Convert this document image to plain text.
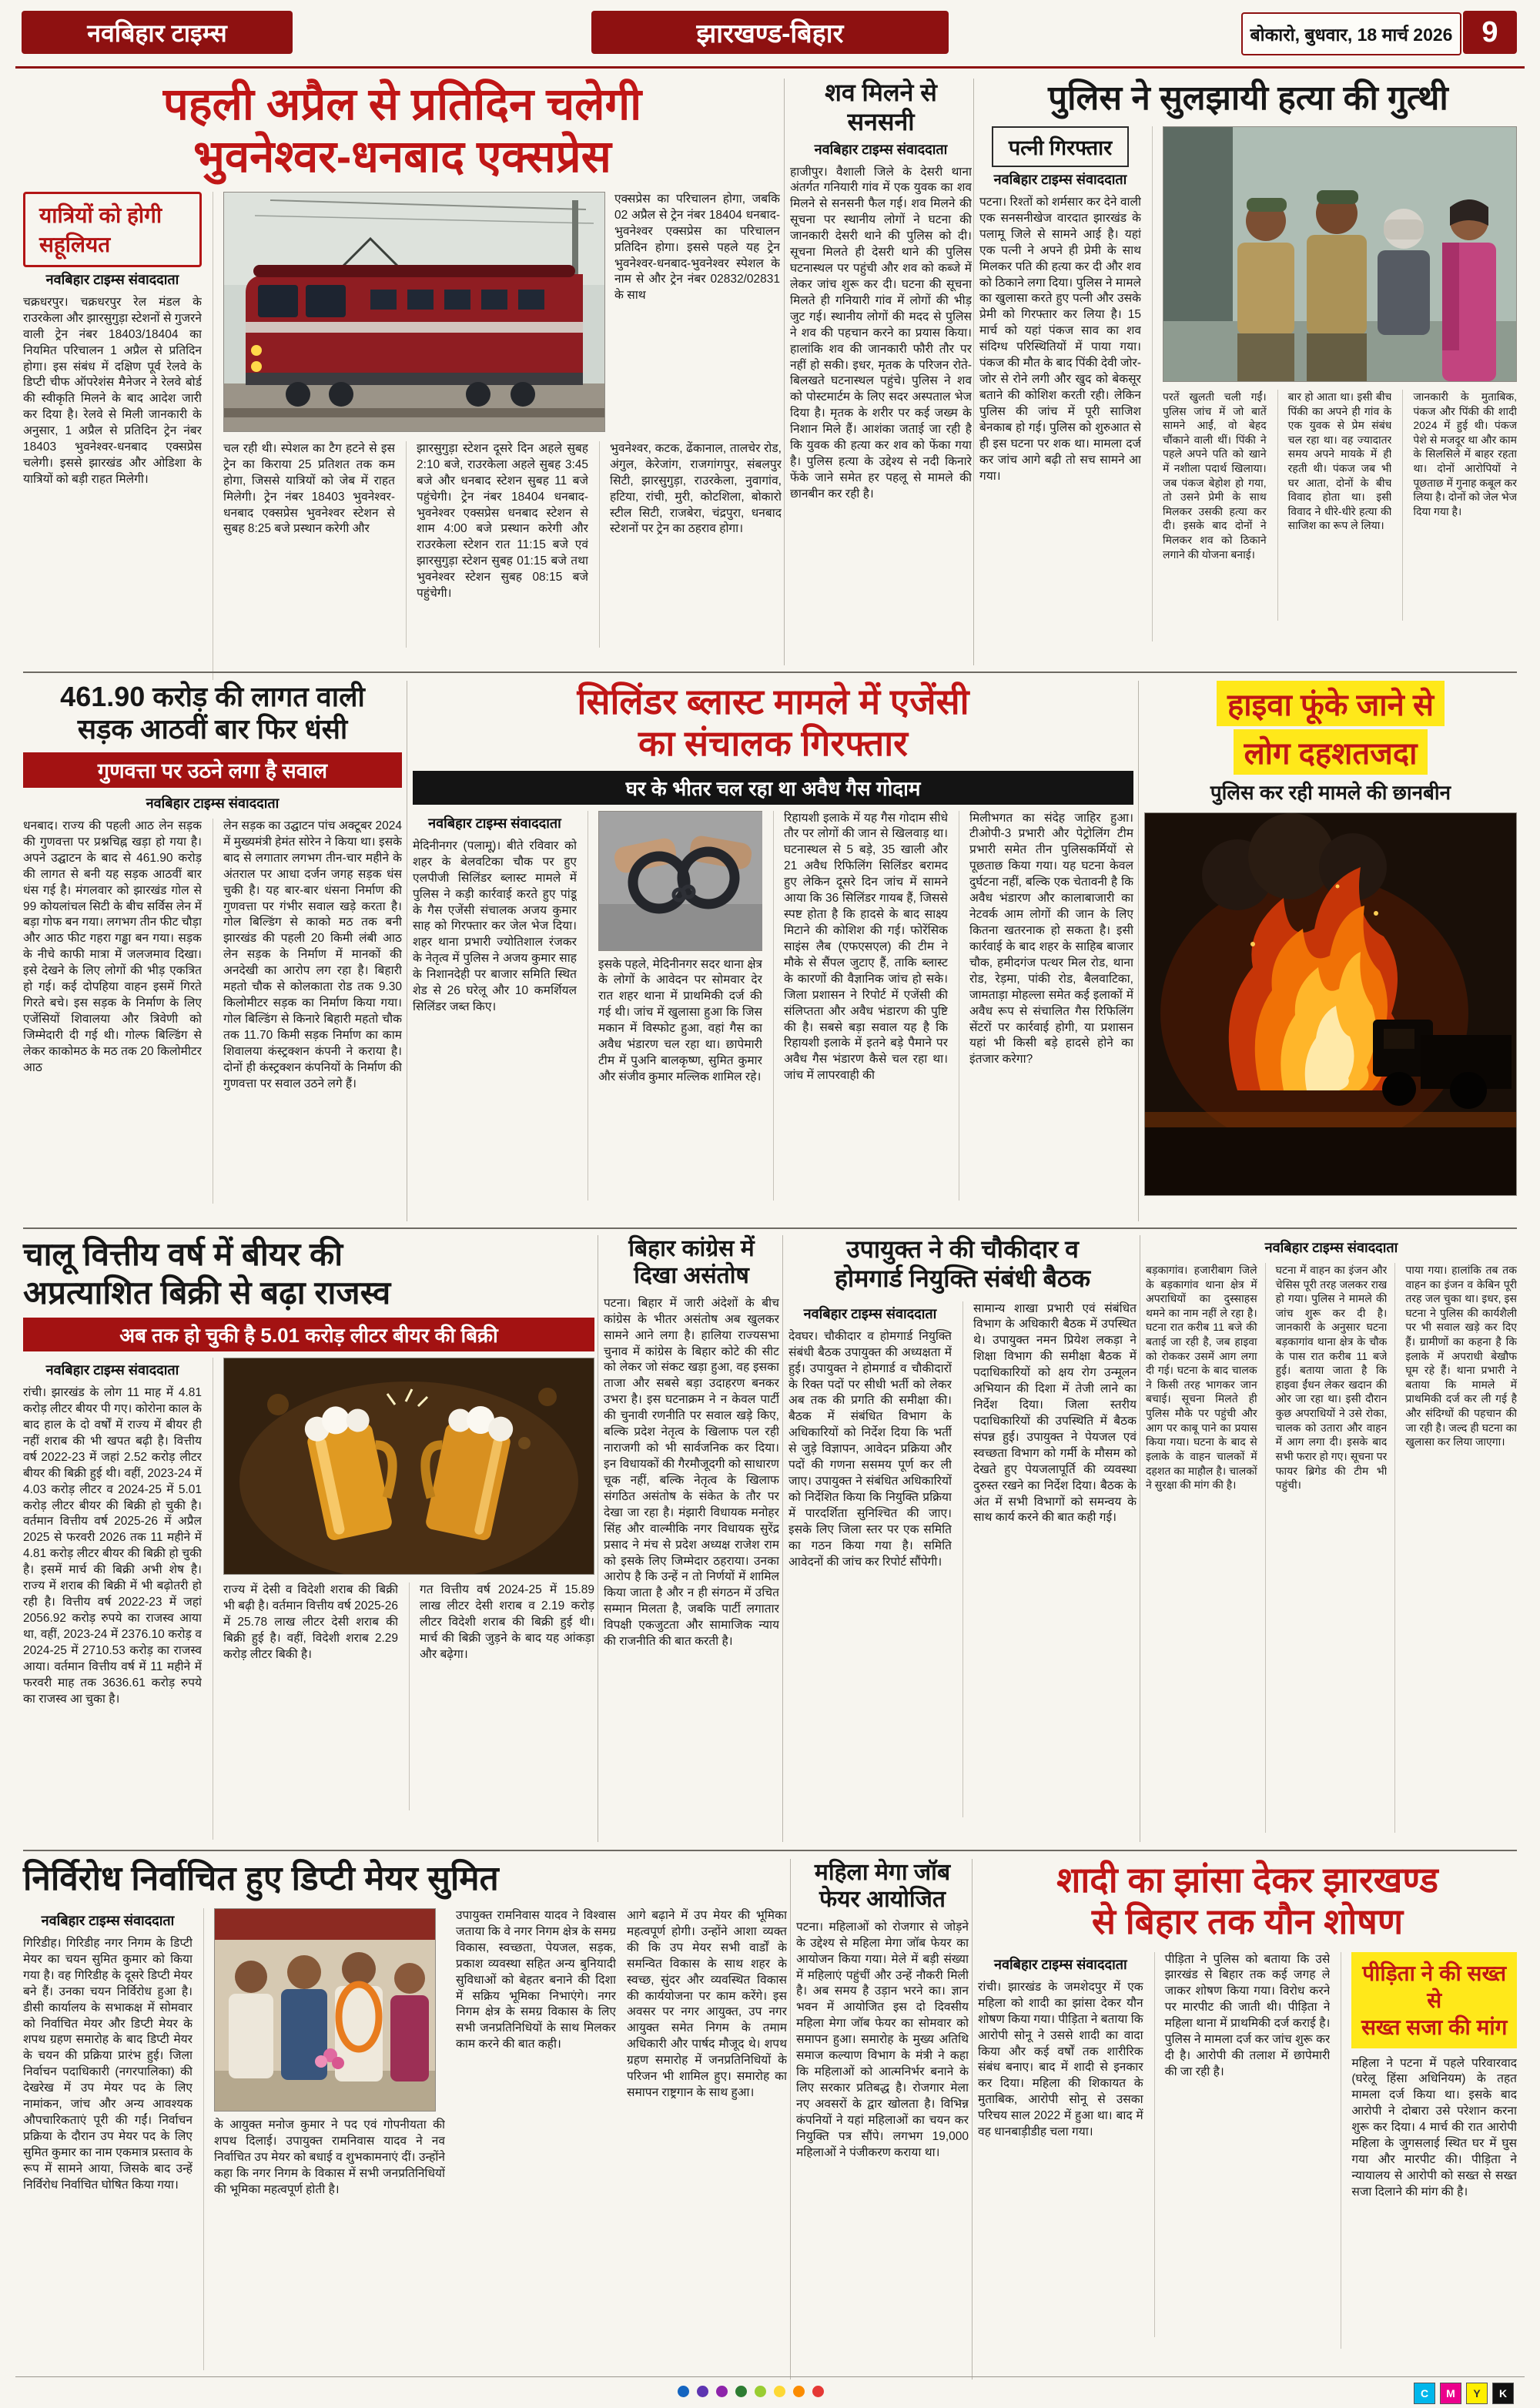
नवबिहार टाइम्स	झारखण्ड-बिहार	बोकारो, बुधवार, 18 मार्च 2026 9
पहली अप्रैल से प्रतिदिन चलेगी
भुवनेश्वर-धनबाद एक्सप्रेस
यात्रियों को होगी सहूलियत

नवबिहार टाइम्स संवाददाता

चक्रधरपुर। चक्रधरपुर रेल मंडल के राउरकेला और झारसुगुड़ा स्टेशनों से गुजरने वाली ट्रेन नंबर 18403/18404 का नियमित परिचालन 1 अप्रैल से प्रतिदिन होगा। इस संबंध में दक्षिण पूर्व रेलवे के डिप्टी चीफ ऑपरेशंस मैनेजर ने रेलवे बोर्ड की स्वीकृति मिलने के बाद आदेश जारी कर दिया है। रेलवे से मिली जानकारी के अनुसार, 1 अप्रैल से प्रतिदिन ट्रेन नंबर 18403 भुवनेश्वर-धनबाद एक्सप्रेस चलेगी। इससे झारखंड और ओडिशा के यात्रियों को बड़ी राहत मिलेगी।

एक्सप्रेस का परिचालन होगा, जबकि 02 अप्रैल से ट्रेन नंबर 18404 धनबाद-भुवनेश्वर एक्सप्रेस का परिचालन प्रतिदिन होगा। इससे पहले यह ट्रेन भुवनेश्वर-धनबाद-भुवनेश्वर स्पेशल के नाम से और ट्रेन नंबर 02832/02831 के साथ

चल रही थी। स्पेशल का टैग हटने से इस ट्रेन का किराया 25 प्रतिशत तक कम होगा, जिससे यात्रियों को जेब में राहत मिलेगी। ट्रेन नंबर 18403 भुवनेश्वर-धनबाद एक्सप्रेस भुवनेश्वर स्टेशन से सुबह 8:25 बजे प्रस्थान करेगी और

झारसुगुड़ा स्टेशन दूसरे दिन अहले सुबह 2:10 बजे, राउरकेला अहले सुबह 3:45 बजे और धनबाद स्टेशन सुबह 11 बजे पहुंचेगी। ट्रेन नंबर 18404 धनबाद-भुवनेश्वर एक्सप्रेस धनबाद स्टेशन से शाम 4:00 बजे प्रस्थान करेगी और राउरकेला स्टेशन रात 11:15 बजे एवं झारसुगुड़ा स्टेशन सुबह 01:15 बजे तथा भुवनेश्वर स्टेशन सुबह 08:15 बजे पहुंचेगी।

भुवनेश्वर, कटक, ढेंकानाल, तालचेर रोड, अंगुल, केरेजांग, राजगांगपुर, संबलपुर सिटी, झारसुगुड़ा, राउरकेला, नुवागांव, हटिया, रांची, मुरी, कोटशिला, बोकारो स्टील सिटी, राजबेरा, चंद्रपुरा, धनबाद स्टेशनों पर ट्रेन का ठहराव होगा।

शव मिलने से
सनसनी

नवबिहार टाइम्स संवाददाता

हाजीपुर। वैशाली जिले के देसरी थाना अंतर्गत गनियारी गांव में एक युवक का शव मिलने से सनसनी फैल गई। शव मिलने की सूचना पर स्थानीय लोगों ने घटना की जानकारी देसरी थाने की पुलिस को दी। सूचना मिलते ही देसरी थाने की पुलिस घटनास्थल पर पहुंची और शव को कब्जे में लेकर जांच शुरू कर दी। घटना की सूचना मिलते ही गनियारी गांव में लोगों की भीड़ जुट गई। स्थानीय लोगों की मदद से पुलिस ने शव की पहचान करने का प्रयास किया। हालांकि शव की जानकारी फौरी तौर पर नहीं हो सकी। इधर, मृतक के परिजन रोते-बिलखते घटनास्थल पहुंचे। पुलिस ने शव को पोस्टमार्टम के लिए सदर अस्पताल भेज दिया है। मृतक के शरीर पर कई जख्म के निशान मिले हैं। आशंका जताई जा रही है कि युवक की हत्या कर शव को फेंका गया है। पुलिस हत्या के उद्देश्य से नदी किनारे फेंके जाने समेत हर पहलू से मामले की छानबीन कर रही है।

पुलिस ने सुलझायी हत्या की गुत्थी
पत्नी गिरफ्तार

नवबिहार टाइम्स संवाददाता

पटना। रिश्तों को शर्मसार कर देने वाली एक सनसनीखेज वारदात झारखंड के पलामू जिले से सामने आई है। यहां एक पत्नी ने अपने ही प्रेमी के साथ मिलकर पति की हत्या कर दी और शव को ठिकाने लगा दिया। पुलिस ने मामले का खुलासा करते हुए पत्नी और उसके प्रेमी को गिरफ्तार कर लिया है। 15 मार्च को यहां पंकज साव का शव संदिग्ध परिस्थितियों में पाया गया। पंकज की मौत के बाद पिंकी देवी जोर-जोर से रोने लगी और खुद को बेकसूर बताने की कोशिश करती रही। लेकिन पुलिस की जांच में पूरी साजिश बेनकाब हो गई। पुलिस को शुरुआत से ही इस घटना पर शक था। मामला दर्ज कर जांच आगे बढ़ी तो सच सामने आ गया।

परतें खुलती चली गईं। पुलिस जांच में जो बातें सामने आईं, वो बेहद चौंकाने वाली थीं। पिंकी ने पहले अपने पति को खाने में नशीला पदार्थ खिलाया। जब पंकज बेहोश हो गया, तो उसने प्रेमी के साथ मिलकर उसकी हत्या कर दी। इसके बाद दोनों ने मिलकर शव को ठिकाने लगाने की योजना बनाई।

बार हो आता था। इसी बीच पिंकी का अपने ही गांव के एक युवक से प्रेम संबंध चल रहा था। वह ज्यादातर समय अपने मायके में ही रहती थी। पंकज जब भी घर आता, दोनों के बीच विवाद होता था। इसी विवाद ने धीरे-धीरे हत्या की साजिश का रूप ले लिया।

जानकारी के मुताबिक, पंकज और पिंकी की शादी 2024 में हुई थी। पंकज पेशे से मजदूर था और काम के सिलसिले में बाहर रहता था। दोनों आरोपियों ने पूछताछ में गुनाह कबूल कर लिया है। दोनों को जेल भेज दिया गया है।

461.90 करोड़ की लागत वाली
सड़क आठवीं बार फिर धंसी
गुणवत्ता पर उठने लगा है सवाल

नवबिहार टाइम्स संवाददाता

धनबाद। राज्य की पहली आठ लेन सड़क की गुणवत्ता पर प्रश्नचिह्न खड़ा हो गया है। अपने उद्घाटन के बाद से 461.90 करोड़ की लागत से बनी यह सड़क आठवीं बार धंस गई है। मंगलवार को झारखंड गोल से 99 कोयलांचल सिटी के बीच सर्विस लेन में बड़ा गोफ बन गया। लगभग तीन फीट चौड़ा और आठ फीट गहरा गड्ढा बन गया। सड़क के नीचे काफी मात्रा में जलजमाव दिखा। इसे देखने के लिए लोगों की भीड़ एकत्रित हो गई। कई दोपहिया वाहन इसमें गिरते गिरते बचे। इस सड़क के निर्माण के लिए एजेंसियों शिवालया और त्रिवेणी को जिम्मेदारी दी गई थी। गोल्फ बिल्डिंग से लेकर काकोमठ के मठ तक 20 किलोमीटर आठ

लेन सड़क का उद्घाटन पांच अक्टूबर 2024 में मुख्यमंत्री हेमंत सोरेन ने किया था। इसके बाद से लगातार लगभग तीन-चार महीने के अंतराल पर आधा दर्जन जगह सड़क धंस चुकी है। यह बार-बार धंसना निर्माण की गुणवत्ता पर गंभीर सवाल खड़े करता है। गोल बिल्डिंग से काको मठ तक बनी झारखंड की पहली 20 किमी लंबी आठ लेन सड़क के निर्माण में मानकों की अनदेखी का आरोप लग रहा है। बिहारी महतो चौक से कोलकाता रोड तक 9.30 किलोमीटर सड़क का निर्माण किया गया। गोल बिल्डिंग से किनारे बिहारी महतो चौक तक 11.70 किमी सड़क निर्माण का काम शिवालया कंस्ट्रक्शन कंपनी ने कराया है। दोनों ही कंस्ट्रक्शन कंपनियों के निर्माण की गुणवत्ता पर सवाल उठने लगे हैं।

सिलिंडर ब्लास्ट मामले में एजेंसी
का संचालक गिरफ्तार
घर के भीतर चल रहा था अवैध गैस गोदाम

नवबिहार टाइम्स संवाददाता

मेदिनीनगर (पलामू)। बीते रविवार को शहर के बेलवटिका चौक पर हुए एलपीजी सिलिंडर ब्लास्ट मामले में पुलिस ने कड़ी कार्रवाई करते हुए पांडू के गैस एजेंसी संचालक अजय कुमार साह को गिरफ्तार कर जेल भेज दिया। शहर थाना प्रभारी ज्योतिशाल रंजकर के नेतृत्व में पुलिस ने अजय कुमार साह के निशानदेही पर बाजार समिति स्थित शेड से 26 घरेलू और 10 कमर्शियल सिलिंडर जब्त किए।

इसके पहले, मेदिनीनगर सदर थाना क्षेत्र के लोगों के आवेदन पर सोमवार देर रात शहर थाना में प्राथमिकी दर्ज की गई थी। जांच में खुलासा हुआ कि जिस मकान में विस्फोट हुआ, वहां गैस का अवैध भंडारण चल रहा था। छापेमारी टीम में पुअनि बालकृष्ण, सुमित कुमार और संजीव कुमार मल्लिक शामिल रहे।

रिहायशी इलाके में यह गैस गोदाम सीधे तौर पर लोगों की जान से खिलवाड़ था। घटनास्थल से 5 बड़े, 35 खाली और 21 अवैध रिफिलिंग सिलिंडर बरामद हुए लेकिन दूसरे दिन जांच में सामने आया कि 36 सिलिंडर गायब हैं, जिससे स्पष्ट होता है कि हादसे के बाद साक्ष्य मिटाने की कोशिश की गई। फोरेंसिक साइंस लैब (एफएसएल) की टीम ने मौके से सैंपल जुटाए हैं, ताकि ब्लास्ट के कारणों की वैज्ञानिक जांच हो सके। जिला प्रशासन ने रिपोर्ट में एजेंसी की संलिप्तता और अवैध भंडारण की पुष्टि की है। सबसे बड़ा सवाल यह है कि रिहायशी इलाके में इतने बड़े पैमाने पर अवैध गैस भंडारण कैसे चल रहा था। जांच में लापरवाही की

मिलीभगत का संदेह जाहिर हुआ। टीओपी-3 प्रभारी और पेट्रोलिंग टीम प्रभारी समेत तीन पुलिसकर्मियों से पूछताछ किया गया। यह घटना केवल दुर्घटना नहीं, बल्कि एक चेतावनी है कि अवैध भंडारण और कालाबाजारी का नेटवर्क आम लोगों की जान के लिए कितना खतरनाक हो सकता है। इसी कार्रवाई के बाद शहर के साहिब बाजार चौक, हमीदगंज पत्थर मिल रोड, थाना रोड, रेड़मा, पांकी रोड, बैलवाटिका, जामताड़ा मोहल्ला समेत कई इलाकों में अवैध रूप से संचालित गैस रिफिलिंग सेंटरों पर कार्रवाई होगी, या प्रशासन यहां भी किसी बड़े हादसे होने का इंतजार करेगा?

हाइवा फूंके जाने से
लोग दहशतजदा

पुलिस कर रही मामले की छानबीन

चालू वित्तीय वर्ष में बीयर की
अप्रत्याशित बिक्री से बढ़ा राजस्व
अब तक हो चुकी है 5.01 करोड़ लीटर बीयर की बिक्री

नवबिहार टाइम्स संवाददाता

रांची। झारखंड के लोग 11 माह में 4.81 करोड़ लीटर बीयर पी गए। कोरोना काल के बाद हाल के दो वर्षों में राज्य में बीयर ही नहीं शराब की भी खपत बढ़ी है। वित्तीय वर्ष 2022-23 में जहां 2.52 करोड़ लीटर बीयर की बिक्री हुई थी। वहीं, 2023-24 में 4.03 करोड़ लीटर व 2024-25 में 5.01 करोड़ लीटर बीयर की बिक्री हो चुकी है। वर्तमान वित्तीय वर्ष 2025-26 में अप्रैल 2025 से फरवरी 2026 तक 11 महीने में 4.81 करोड़ लीटर बीयर की बिक्री हो चुकी है। इसमें मार्च की बिक्री अभी शेष है। राज्य में शराब की बिक्री में भी बढ़ोतरी हो रही है। वित्तीय वर्ष 2022-23 में जहां 2056.92 करोड़ रुपये का राजस्व आया था, वहीं, 2023-24 में 2376.10 करोड़ व 2024-25 में 2710.53 करोड़ का राजस्व आया। वर्तमान वित्तीय वर्ष में 11 महीने में फरवरी माह तक 3636.61 करोड़ रुपये का राजस्व आ चुका है।

राज्य में देसी व विदेशी शराब की बिक्री भी बढ़ी है। वर्तमान वित्तीय वर्ष 2025-26 में 25.78 लाख लीटर देसी शराब की बिक्री हुई है। वहीं, विदेशी शराब 2.29 करोड़ लीटर बिकी है।

गत वित्तीय वर्ष 2024-25 में 15.89 लाख लीटर देसी शराब व 2.19 करोड़ लीटर विदेशी शराब की बिक्री हुई थी। मार्च की बिक्री जुड़ने के बाद यह आंकड़ा और बढ़ेगा।

बिहार कांग्रेस में
दिखा असंतोष

पटना। बिहार में जारी अंदेशों के बीच कांग्रेस के भीतर असंतोष अब खुलकर सामने आने लगा है। हालिया राज्यसभा चुनाव में कांग्रेस के बिहार कोटे की सीट को लेकर जो संकट खड़ा हुआ, वह इसका ताजा और सबसे बड़ा उदाहरण बनकर उभरा है। इस घटनाक्रम ने न केवल पार्टी की चुनावी रणनीति पर सवाल खड़े किए, बल्कि प्रदेश नेतृत्व के खिलाफ पल रही नाराजगी को भी सार्वजनिक कर दिया। इन विधायकों की गैरमौजूदगी को साधारण चूक नहीं, बल्कि नेतृत्व के खिलाफ संगठित असंतोष के संकेत के तौर पर देखा जा रहा है। मंझारी विधायक मनोहर सिंह और वाल्मीकि नगर विधायक सुरेंद्र प्रसाद ने मंच से प्रदेश अध्यक्ष राजेश राम को इसके लिए जिम्मेदार ठहराया। उनका आरोप है कि उन्हें न तो निर्णयों में शामिल किया जाता है और न ही संगठन में उचित सम्मान मिलता है, जबकि पार्टी लगातार विपक्षी एकजुटता और सामाजिक न्याय की राजनीति की बात करती है।

उपायुक्त ने की चौकीदार व
होमगार्ड नियुक्ति संबंधी बैठक

नवबिहार टाइम्स संवाददाता

देवघर। चौकीदार व होमगार्ड नियुक्ति संबंधी बैठक उपायुक्त की अध्यक्षता में हुई। उपायुक्त ने होमगार्ड व चौकीदारों के रिक्त पदों पर सीधी भर्ती को लेकर अब तक की प्रगति की समीक्षा की। बैठक में संबंधित विभाग के अधिकारियों को निर्देश दिया कि भर्ती से जुड़े विज्ञापन, आवेदन प्रक्रिया और पदों की गणना ससमय पूर्ण कर ली जाए। उपायुक्त ने संबंधित अधिकारियों को निर्देशित किया कि नियुक्ति प्रक्रिया में पारदर्शिता सुनिश्चित की जाए। इसके लिए जिला स्तर पर एक समिति का गठन किया गया है। समिति आवेदनों की जांच कर रिपोर्ट सौंपेगी।

सामान्य शाखा प्रभारी एवं संबंधित विभाग के अधिकारी बैठक में उपस्थित थे। उपायुक्त नमन प्रियेश लकड़ा ने शिक्षा विभाग की समीक्षा बैठक में पदाधिकारियों को क्षय रोग उन्मूलन अभियान की दिशा में तेजी लाने का निर्देश दिया। जिला स्तरीय पदाधिकारियों की उपस्थिति में बैठक संपन्न हुई। उपायुक्त ने पेयजल एवं स्वच्छता विभाग को गर्मी के मौसम को देखते हुए पेयजलापूर्ति की व्यवस्था दुरुस्त रखने का निर्देश दिया। बैठक के अंत में सभी विभागों को समन्वय के साथ कार्य करने की बात कही गई।

नवबिहार टाइम्स संवाददाता

बड़कागांव। हजारीबाग जिले के बड़कागांव थाना क्षेत्र में अपराधियों का दुस्साहस थमने का नाम नहीं ले रहा है। घटना रात करीब 11 बजे की बताई जा रही है, जब हाइवा को रोककर उसमें आग लगा दी गई। घटना के बाद चालक ने किसी तरह भागकर जान बचाई। सूचना मिलते ही पुलिस मौके पर पहुंची और आग पर काबू पाने का प्रयास किया गया। घटना के बाद से इलाके के वाहन चालकों में दहशत का माहौल है। चालकों ने सुरक्षा की मांग की है।

घटना में वाहन का इंजन और चेसिस पूरी तरह जलकर राख हो गया। पुलिस ने मामले की जांच शुरू कर दी है। जानकारी के अनुसार घटना बड़कागांव थाना क्षेत्र के चौक के पास रात करीब 11 बजे हुई। बताया जाता है कि हाइवा ईंधन लेकर खदान की ओर जा रहा था। इसी दौरान कुछ अपराधियों ने उसे रोका, चालक को उतारा और वाहन में आग लगा दी। इसके बाद सभी फरार हो गए। सूचना पर फायर ब्रिगेड की टीम भी पहुंची।

पाया गया। हालांकि तब तक वाहन का इंजन व केबिन पूरी तरह जल चुका था। इधर, इस घटना ने पुलिस की कार्यशैली पर भी सवाल खड़े कर दिए हैं। ग्रामीणों का कहना है कि इलाके में अपराधी बेखौफ घूम रहे हैं। थाना प्रभारी ने बताया कि मामले में प्राथमिकी दर्ज कर ली गई है और संदिग्धों की पहचान की जा रही है। जल्द ही घटना का खुलासा कर लिया जाएगा।

निर्विरोध निर्वाचित हुए डिप्टी मेयर सुमित

नवबिहार टाइम्स संवाददाता

गिरिडीह। गिरिडीह नगर निगम के डिप्टी मेयर का चयन सुमित कुमार को किया गया है। वह गिरिडीह के दूसरे डिप्टी मेयर बने हैं। उनका चयन निर्विरोध हुआ है। डीसी कार्यालय के सभाकक्ष में सोमवार को निर्वाचित मेयर और डिप्टी मेयर के शपथ ग्रहण समारोह के बाद डिप्टी मेयर के चयन की प्रक्रिया प्रारंभ हुई। जिला निर्वाचन पदाधिकारी (नगरपालिका) की देखरेख में उप मेयर पद के लिए नामांकन, जांच और अन्य आवश्यक औपचारिकताएं पूरी की गईं। निर्वाचन प्रक्रिया के दौरान उप मेयर पद के लिए सुमित कुमार का नाम एकमात्र प्रस्ताव के रूप में सामने आया, जिसके बाद उन्हें निर्विरोध निर्वाचित घोषित किया गया।

के आयुक्त मनोज कुमार ने पद एवं गोपनीयता की शपथ दिलाई। उपायुक्त रामनिवास यादव ने नव निर्वाचित उप मेयर को बधाई व शुभकामनाएं दीं। उन्होंने कहा कि नगर निगम के विकास में सभी जनप्रतिनिधियों की भूमिका महत्वपूर्ण होती है।

उपायुक्त रामनिवास यादव ने विश्वास जताया कि वे नगर निगम क्षेत्र के समग्र विकास, स्वच्छता, पेयजल, सड़क, प्रकाश व्यवस्था सहित अन्य बुनियादी सुविधाओं को बेहतर बनाने की दिशा में सक्रिय भूमिका निभाएंगे। नगर निगम क्षेत्र के समग्र विकास के लिए सभी जनप्रतिनिधियों के साथ मिलकर काम करने की बात कही।

आगे बढ़ाने में उप मेयर की भूमिका महत्वपूर्ण होगी। उन्होंने आशा व्यक्त की कि उप मेयर सभी वार्डों के समन्वित विकास के साथ शहर के स्वच्छ, सुंदर और व्यवस्थित विकास की कार्ययोजना पर काम करेंगे। इस अवसर पर नगर आयुक्त, उप नगर आयुक्त समेत निगम के तमाम अधिकारी और पार्षद मौजूद थे। शपथ ग्रहण समारोह में जनप्रतिनिधियों के परिजन भी शामिल हुए। समारोह का समापन राष्ट्रगान के साथ हुआ।

महिला मेगा जॉब
फेयर आयोजित

पटना। महिलाओं को रोजगार से जोड़ने के उद्देश्य से महिला मेगा जॉब फेयर का आयोजन किया गया। मेले में बड़ी संख्या में महिलाएं पहुंचीं और उन्हें नौकरी मिली है। अब समय है उड़ान भरने का। ज्ञान भवन में आयोजित इस दो दिवसीय महिला मेगा जॉब फेयर का सोमवार को समापन हुआ। समारोह के मुख्य अतिथि समाज कल्याण विभाग के मंत्री ने कहा कि महिलाओं को आत्मनिर्भर बनाने के लिए सरकार प्रतिबद्ध है। रोजगार मेला नए अवसरों के द्वार खोलता है। विभिन्न कंपनियों ने यहां महिलाओं का चयन कर नियुक्ति पत्र सौंपे। लगभग 19,000 महिलाओं ने पंजीकरण कराया था।

शादी का झांसा देकर झारखण्ड
से बिहार तक यौन शोषण

नवबिहार टाइम्स संवाददाता

रांची। झारखंड के जमशेदपुर में एक महिला को शादी का झांसा देकर यौन शोषण किया गया। पीड़िता ने बताया कि आरोपी सोनू ने उससे शादी का वादा किया और कई वर्षों तक शारीरिक संबंध बनाए। बाद में शादी से इनकार कर दिया। महिला की शिकायत के मुताबिक, आरोपी सोनू से उसका परिचय साल 2022 में हुआ था। बाद में वह धानबाड़ीडीह चला गया।

पीड़िता ने पुलिस को बताया कि उसे झारखंड से बिहार तक कई जगह ले जाकर शोषण किया गया। विरोध करने पर मारपीट की जाती थी। पीड़िता ने महिला थाना में प्राथमिकी दर्ज कराई है। पुलिस ने मामला दर्ज कर जांच शुरू कर दी है। आरोपी की तलाश में छापेमारी की जा रही है।

पीड़िता ने की सख्त से
सख्त सजा की मांग

महिला ने पटना में पहले परिवारवाद (घरेलू हिंसा अधिनियम) के तहत मामला दर्ज किया था। इसके बाद आरोपी ने दोबारा उसे परेशान करना शुरू कर दिया। 4 मार्च की रात आरोपी महिला के जुगसलाई स्थित घर में घुस गया और मारपीट की। पीड़िता ने न्यायालय से आरोपी को सख्त से सख्त सजा दिलाने की मांग की है।

C	M	Y	K
